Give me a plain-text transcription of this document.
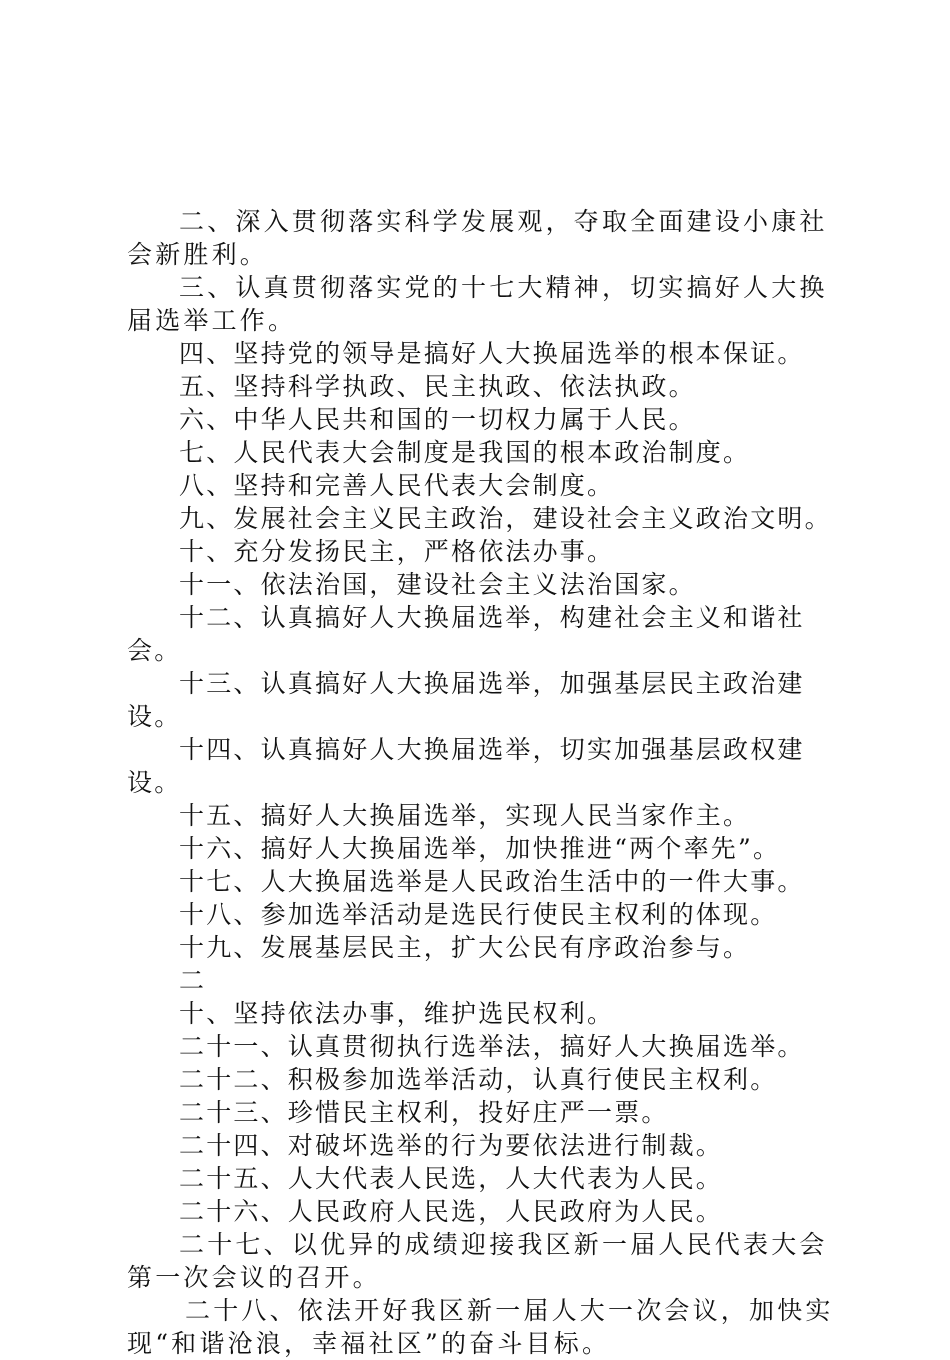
二、深入贯彻落实科学发展观，夺取全面建设小康社会新胜利。

三、认真贯彻落实党的十七大精神，切实搞好人大换届选举工作。

四、坚持党的领导是搞好人大换届选举的根本保证。

五、坚持科学执政、民主执政、依法执政。

六、中华人民共和国的一切权力属于人民。

七、人民代表大会制度是我国的根本政治制度。

八、坚持和完善人民代表大会制度。

九、发展社会主义民主政治，建设社会主义政治文明。

十、充分发扬民主，严格依法办事。

十一、依法治国，建设社会主义法治国家。

十二、认真搞好人大换届选举，构建社会主义和谐社会。

十三、认真搞好人大换届选举，加强基层民主政治建设。

十四、认真搞好人大换届选举，切实加强基层政权建设。

十五、搞好人大换届选举，实现人民当家作主。

十六、搞好人大换届选举，加快推进“两个率先”。

十七、人大换届选举是人民政治生活中的一件大事。

十八、参加选举活动是选民行使民主权利的体现。

十九、发展基层民主，扩大公民有序政治参与。

二

十、坚持依法办事，维护选民权利。

二十一、认真贯彻执行选举法，搞好人大换届选举。

二十二、积极参加选举活动，认真行使民主权利。

二十三、珍惜民主权利，投好庄严一票。

二十四、对破坏选举的行为要依法进行制裁。

二十五、人大代表人民选，人大代表为人民。

二十六、人民政府人民选，人民政府为人民。

二十七、以优异的成绩迎接我区新一届人民代表大会第一次会议的召开。

二十八、依法开好我区新一届人大一次会议，加快实现“和谐沧浪，幸福社区”的奋斗目标。
